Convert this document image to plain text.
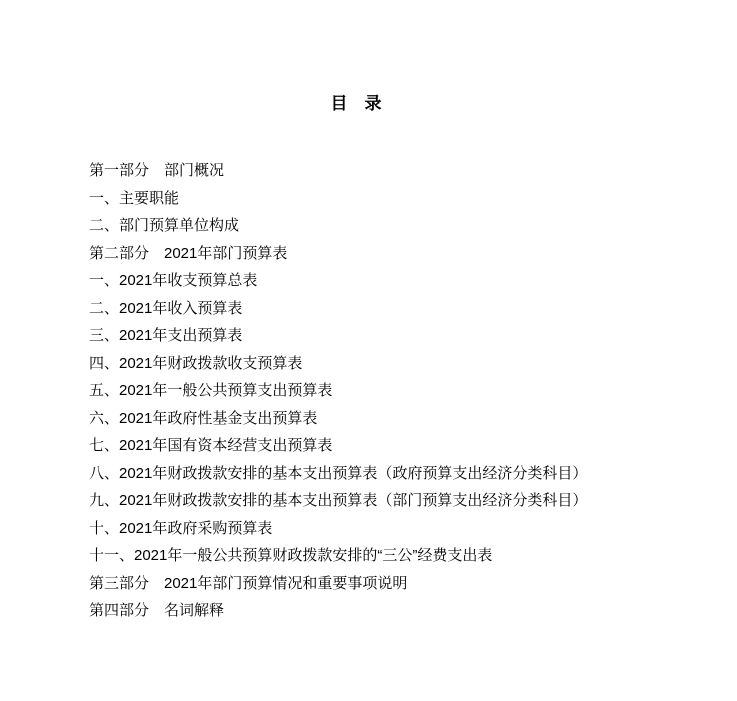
目　录
第一部分　部门概况
一、主要职能
二、部门预算单位构成
第二部分　2021年部门预算表
一、2021年收支预算总表
二、2021年收入预算表
三、2021年支出预算表
四、2021年财政拨款收支预算表
五、2021年一般公共预算支出预算表
六、2021年政府性基金支出预算表
七、2021年国有资本经营支出预算表
八、2021年财政拨款安排的基本支出预算表（政府预算支出经济分类科目）
九、2021年财政拨款安排的基本支出预算表（部门预算支出经济分类科目）
十、2021年政府采购预算表
十一、2021年一般公共预算财政拨款安排的“三公”经费支出表
第三部分　2021年部门预算情况和重要事项说明
第四部分　名词解释
